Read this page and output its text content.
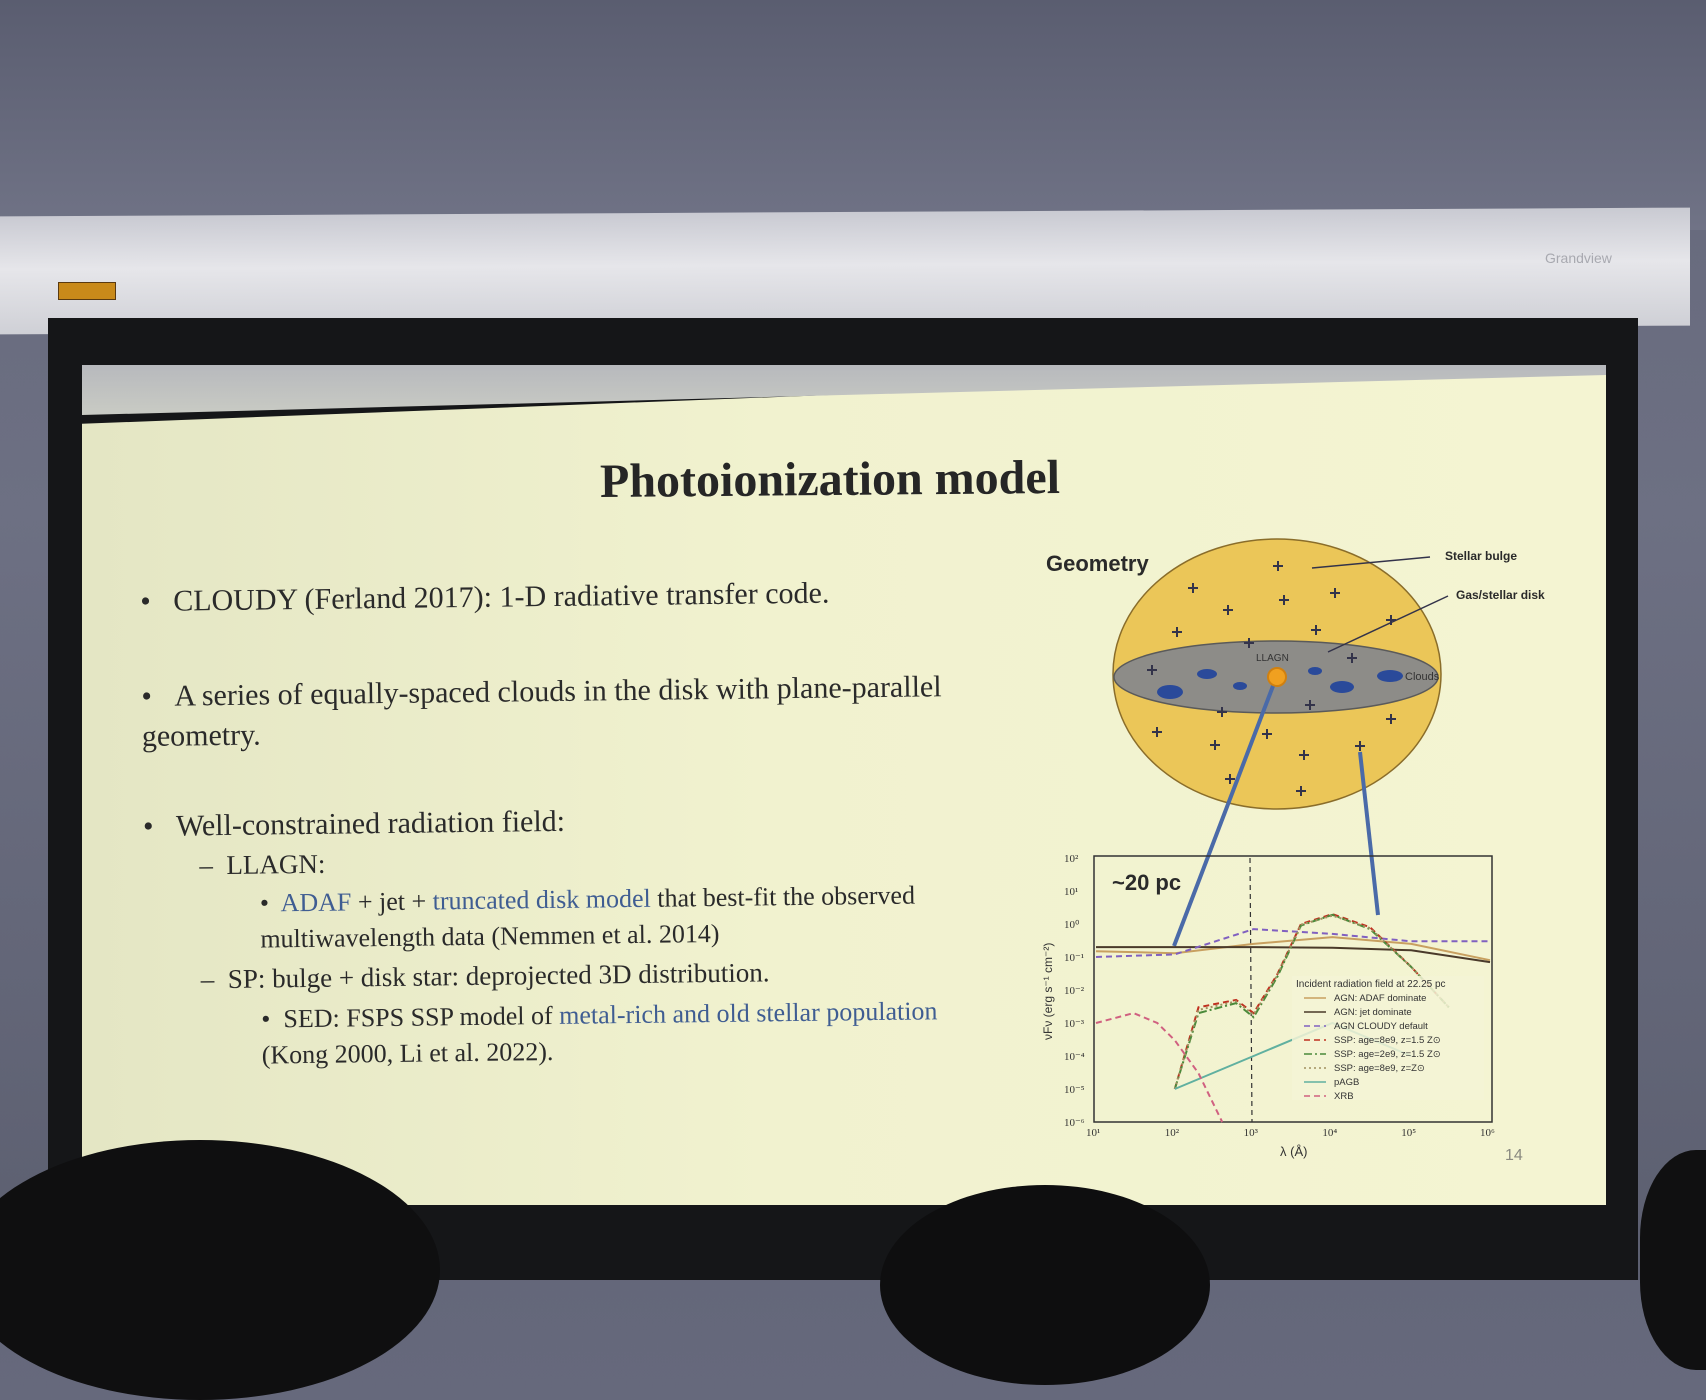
Grandview
Photoionization model
• CLOUDY (Ferland 2017): 1-D radiative transfer code.
• A series of equally-spaced clouds in the disk with plane-parallel geometry.
• Well-constrained radiation field:
–  LLAGN:
• ADAF + jet + truncated disk model that best-fit the observed multiwavelength data (Nemmen et al. 2014)
–  SP: bulge + disk star: deprojected 3D distribution.
• SED: FSPS SSP model of metal-rich and old stellar population (Kong 2000, Li et al. 2022).
14
Geometry	Stellar bulge
Gas/stellar disk
LLAGN
Clouds
~20 pc
10¹	10²	10³	10⁴	10⁵	10⁶
10²
10¹
10⁰
10⁻¹
10⁻²
10⁻³
10⁻⁴
10⁻⁵
10⁻⁶
Incident radiation field at 22.25 pc
AGN: ADAF dominate
AGN: jet dominate
AGN CLOUDY default
SSP: age=8e9, z=1.5 Z⊙
SSP: age=2e9, z=1.5 Z⊙
SSP: age=8e9, z=Z⊙
pAGB
XRB
λ (Å)
νFν (erg s⁻¹ cm⁻²)
